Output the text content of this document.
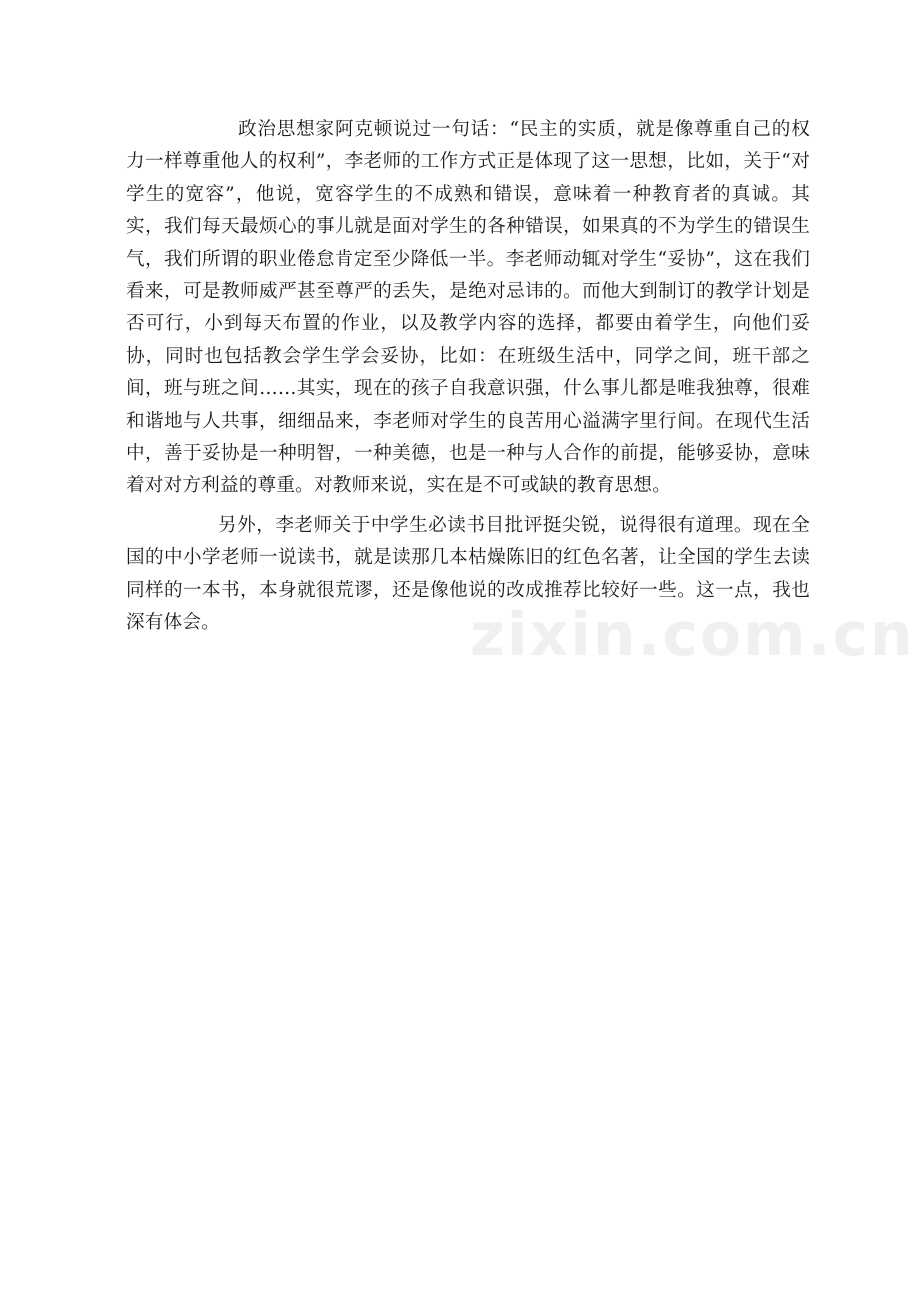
zixin.com.cn

政治思想家阿克顿说过一句话：“民主的实质，就是像尊重自己的权力一样尊重他人的权利”，李老师的工作方式正是体现了这一思想，比如，关于“对学生的宽容”，他说，宽容学生的不成熟和错误，意味着一种教育者的真诚。其实，我们每天最烦心的事儿就是面对学生的各种错误，如果真的不为学生的错误生气，我们所谓的职业倦怠肯定至少降低一半。李老师动辄对学生“妥协”，这在我们看来，可是教师威严甚至尊严的丢失，是绝对忌讳的。而他大到制订的教学计划是否可行，小到每天布置的作业，以及教学内容的选择，都要由着学生，向他们妥协，同时也包括教会学生学会妥协，比如：在班级生活中，同学之间，班干部之间，班与班之间……其实，现在的孩子自我意识强，什么事儿都是唯我独尊，很难和谐地与人共事，细细品来，李老师对学生的良苦用心溢满字里行间。在现代生活中，善于妥协是一种明智，一种美德，也是一种与人合作的前提，能够妥协，意味着对对方利益的尊重。对教师来说，实在是不可或缺的教育思想。

另外，李老师关于中学生必读书目批评挺尖锐，说得很有道理。现在全国的中小学老师一说读书，就是读那几本枯燥陈旧的红色名著，让全国的学生去读同样的一本书，本身就很荒谬，还是像他说的改成推荐比较好一些。这一点，我也深有体会。
